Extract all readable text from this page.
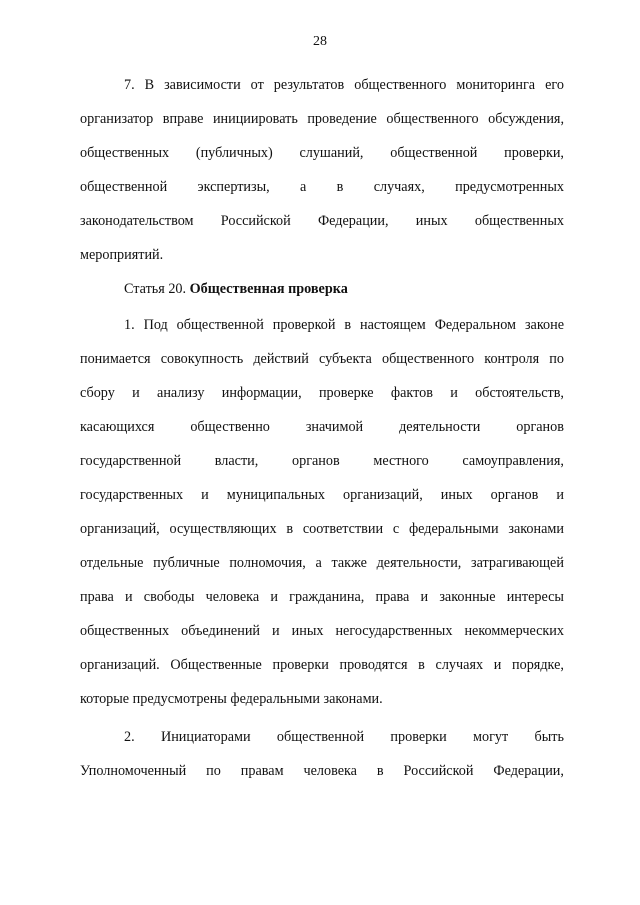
28
7. В зависимости от результатов общественного мониторинга его
организатор вправе инициировать проведение общественного обсуждения,
общественных (публичных) слушаний, общественной проверки,
общественной экспертизы, а в случаях, предусмотренных
законодательством Российской Федерации, иных общественных
мероприятий.
Статья 20. Общественная проверка
1. Под общественной проверкой в настоящем Федеральном законе
понимается совокупность действий субъекта общественного контроля по
сбору и анализу информации, проверке фактов и обстоятельств,
касающихся	общественно	значимой	деятельности	органов
государственной власти, органов местного самоуправления,
государственных и муниципальных организаций, иных органов и
организаций, осуществляющих в соответствии с федеральными законами
отдельные публичные полномочия, а также деятельности, затрагивающей
права и свободы человека и гражданина, права и законные интересы
общественных объединений и иных негосударственных некоммерческих
организаций. Общественные проверки проводятся в случаях и порядке,
которые предусмотрены федеральными законами.
2. Инициаторами общественной проверки могут быть
Уполномоченный по правам человека в Российской Федерации,
